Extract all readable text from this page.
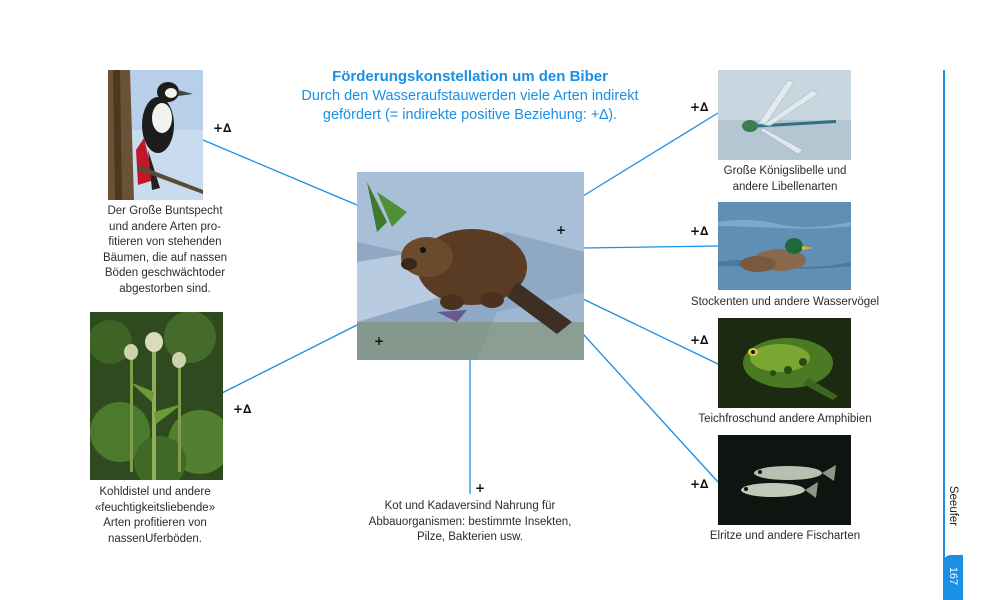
Förderungskonstellation um den Biber
Durch den Wasseraufstauwerden viele Arten indirekt
gefördert (= indirekte positive Beziehung: +∆).
+∆
Der Große Buntspecht
und andere Arten pro-
fitieren von stehenden
Bäumen, die auf nassen
Böden geschwächtoder
abgestorben sind.
+∆
Kohldistel und andere
«feuchtigkeitsliebende»
Arten profitieren von
nassenUferböden.
+
+
+
Kot und Kadaversind Nahrung für
Abbauorganismen: bestimmte Insekten,
Pilze, Bakterien usw.
+∆
Große Königslibelle und
andere Libellenarten
+∆
Stockenten und andere Wasservögel
+∆
Teichfroschund andere Amphibien
+∆
Elritze und andere Fischarten
Seeufer
167
